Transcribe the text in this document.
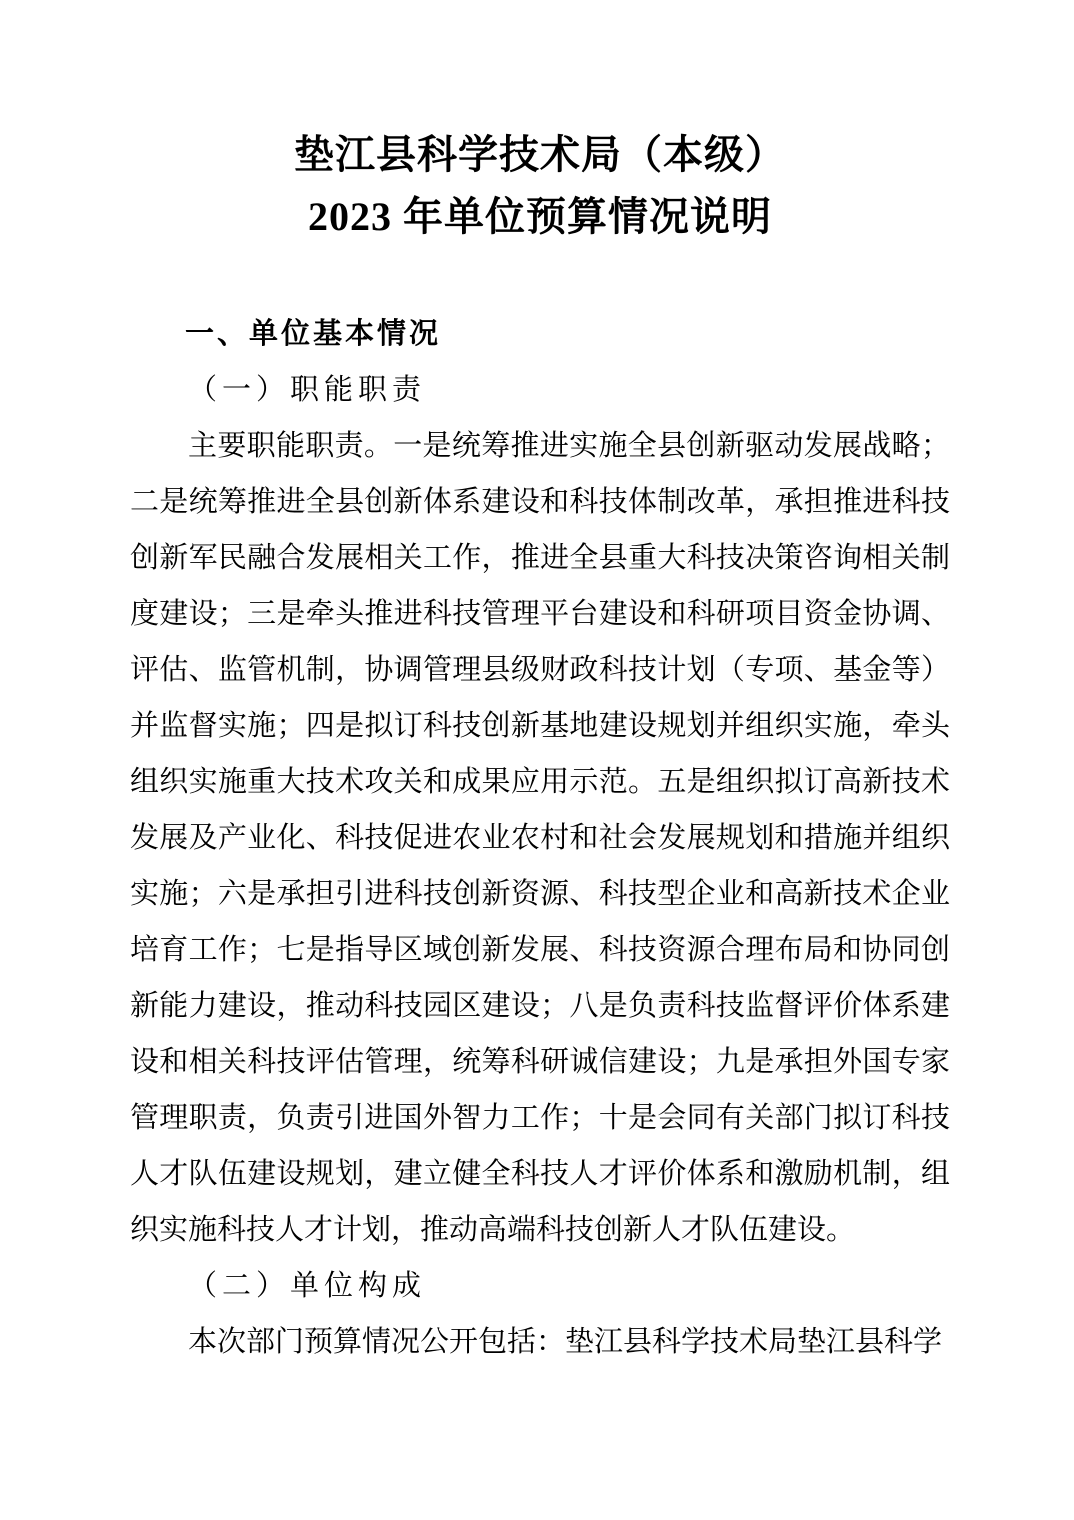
垫江县科学技术局（本级）
2023 年单位预算情况说明
一、单位基本情况
（一）职能职责
主要职能职责。一是统筹推进实施全县创新驱动发展战略；二是统筹推进全县创新体系建设和科技体制改革，承担推进科技创新军民融合发展相关工作，推进全县重大科技决策咨询相关制度建设；三是牵头推进科技管理平台建设和科研项目资金协调、评估、监管机制，协调管理县级财政科技计划（专项、基金等）并监督实施；四是拟订科技创新基地建设规划并组织实施，牵头组织实施重大技术攻关和成果应用示范。五是组织拟订高新技术发展及产业化、科技促进农业农村和社会发展规划和措施并组织实施；六是承担引进科技创新资源、科技型企业和高新技术企业培育工作；七是指导区域创新发展、科技资源合理布局和协同创新能力建设，推动科技园区建设；八是负责科技监督评价体系建设和相关科技评估管理，统筹科研诚信建设；九是承担外国专家管理职责，负责引进国外智力工作；十是会同有关部门拟订科技人才队伍建设规划，建立健全科技人才评价体系和激励机制，组织实施科技人才计划，推动高端科技创新人才队伍建设。
（二）单位构成
本次部门预算情况公开包括：垫江县科学技术局垫江县科学
